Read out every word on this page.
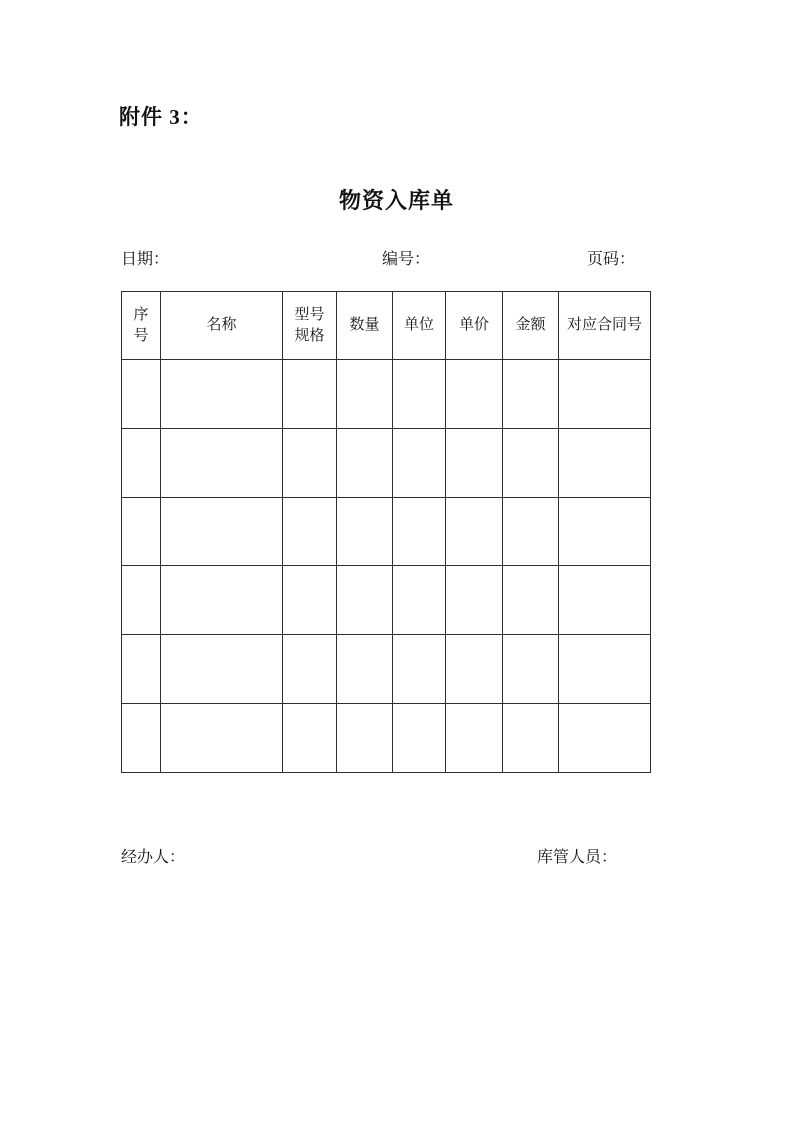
附件 3：
物资入库单
日期：	编号：	页码：
序号	名称	型号规格	数量	单位	单价	金额	对应合同号

经办人：	库管人员：
